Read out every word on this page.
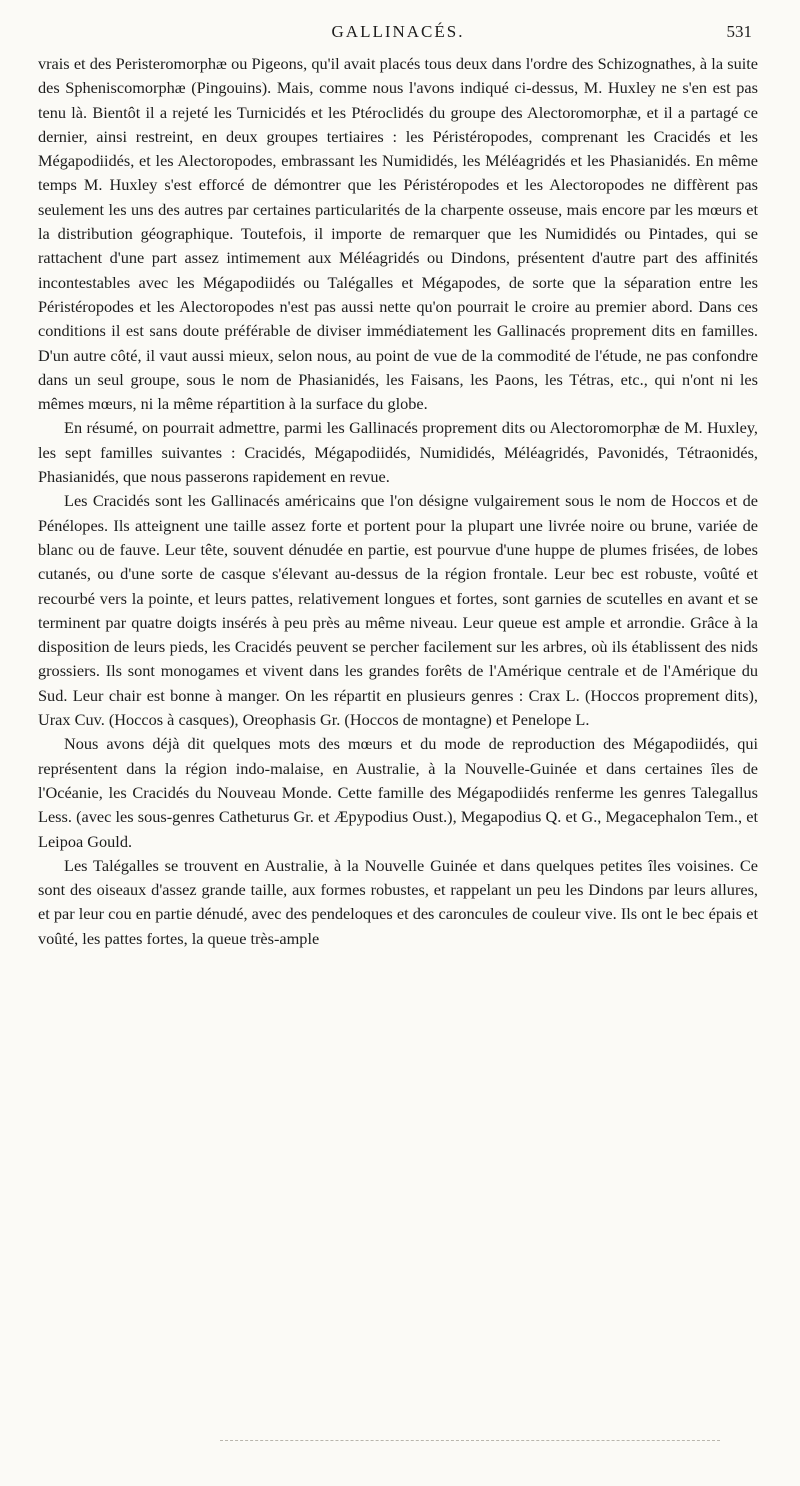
GALLINACÉS.	531

vrais et des Peristeromorphæ ou Pigeons, qu'il avait placés tous deux dans l'ordre des Schizognathes, à la suite des Spheniscomorphæ (Pingouins). Mais, comme nous l'avons indiqué ci-dessus, M. Huxley ne s'en est pas tenu là. Bientôt il a rejeté les Turnicidés et les Ptéroclidés du groupe des Alectoromorphæ, et il a partagé ce dernier, ainsi restreint, en deux groupes tertiaires : les Péristéropodes, comprenant les Cracidés et les Mégapodiidés, et les Alectoropodes, embrassant les Numididés, les Méléagridés et les Phasianidés. En même temps M. Huxley s'est efforcé de démontrer que les Péristéropodes et les Alectoropodes ne diffèrent pas seulement les uns des autres par certaines particularités de la charpente osseuse, mais encore par les mœurs et la distribution géographique. Toutefois, il importe de remarquer que les Numididés ou Pintades, qui se rattachent d'une part assez intimement aux Méléagridés ou Dindons, présentent d'autre part des affinités incontestables avec les Mégapodiidés ou Talégalles et Mégapodes, de sorte que la séparation entre les Péristéropodes et les Alectoropodes n'est pas aussi nette qu'on pourrait le croire au premier abord. Dans ces conditions il est sans doute préférable de diviser immédiatement les Gallinacés proprement dits en familles. D'un autre côté, il vaut aussi mieux, selon nous, au point de vue de la commodité de l'étude, ne pas confondre dans un seul groupe, sous le nom de Phasianidés, les Faisans, les Paons, les Tétras, etc., qui n'ont ni les mêmes mœurs, ni la même répartition à la surface du globe.

En résumé, on pourrait admettre, parmi les Gallinacés proprement dits ou Alectoromorphæ de M. Huxley, les sept familles suivantes : Cracidés, Mégapodiidés, Numididés, Méléagridés, Pavonidés, Tétraonidés, Phasianidés, que nous passerons rapidement en revue.

Les Cracidés sont les Gallinacés américains que l'on désigne vulgairement sous le nom de Hoccos et de Pénélopes. Ils atteignent une taille assez forte et portent pour la plupart une livrée noire ou brune, variée de blanc ou de fauve. Leur tête, souvent dénudée en partie, est pourvue d'une huppe de plumes frisées, de lobes cutanés, ou d'une sorte de casque s'élevant au-dessus de la région frontale. Leur bec est robuste, voûté et recourbé vers la pointe, et leurs pattes, relativement longues et fortes, sont garnies de scutelles en avant et se terminent par quatre doigts insérés à peu près au même niveau. Leur queue est ample et arrondie. Grâce à la disposition de leurs pieds, les Cracidés peuvent se percher facilement sur les arbres, où ils établissent des nids grossiers. Ils sont monogames et vivent dans les grandes forêts de l'Amérique centrale et de l'Amérique du Sud. Leur chair est bonne à manger. On les répartit en plusieurs genres : Crax L. (Hoccos proprement dits), Urax Cuv. (Hoccos à casques), Oreophasis Gr. (Hoccos de montagne) et Penelope L.

Nous avons déjà dit quelques mots des mœurs et du mode de reproduction des Mégapodiidés, qui représentent dans la région indo-malaise, en Australie, à la Nouvelle-Guinée et dans certaines îles de l'Océanie, les Cracidés du Nouveau Monde. Cette famille des Mégapodiidés renferme les genres Talegallus Less. (avec les sous-genres Catheturus Gr. et Æpypodius Oust.), Megapodius Q. et G., Megacephalon Tem., et Leipoa Gould.

Les Talégalles se trouvent en Australie, à la Nouvelle Guinée et dans quelques petites îles voisines. Ce sont des oiseaux d'assez grande taille, aux formes robustes, et rappelant un peu les Dindons par leurs allures, et par leur cou en partie dénudé, avec des pendeloques et des caroncules de couleur vive. Ils ont le bec épais et voûté, les pattes fortes, la queue très-ample
